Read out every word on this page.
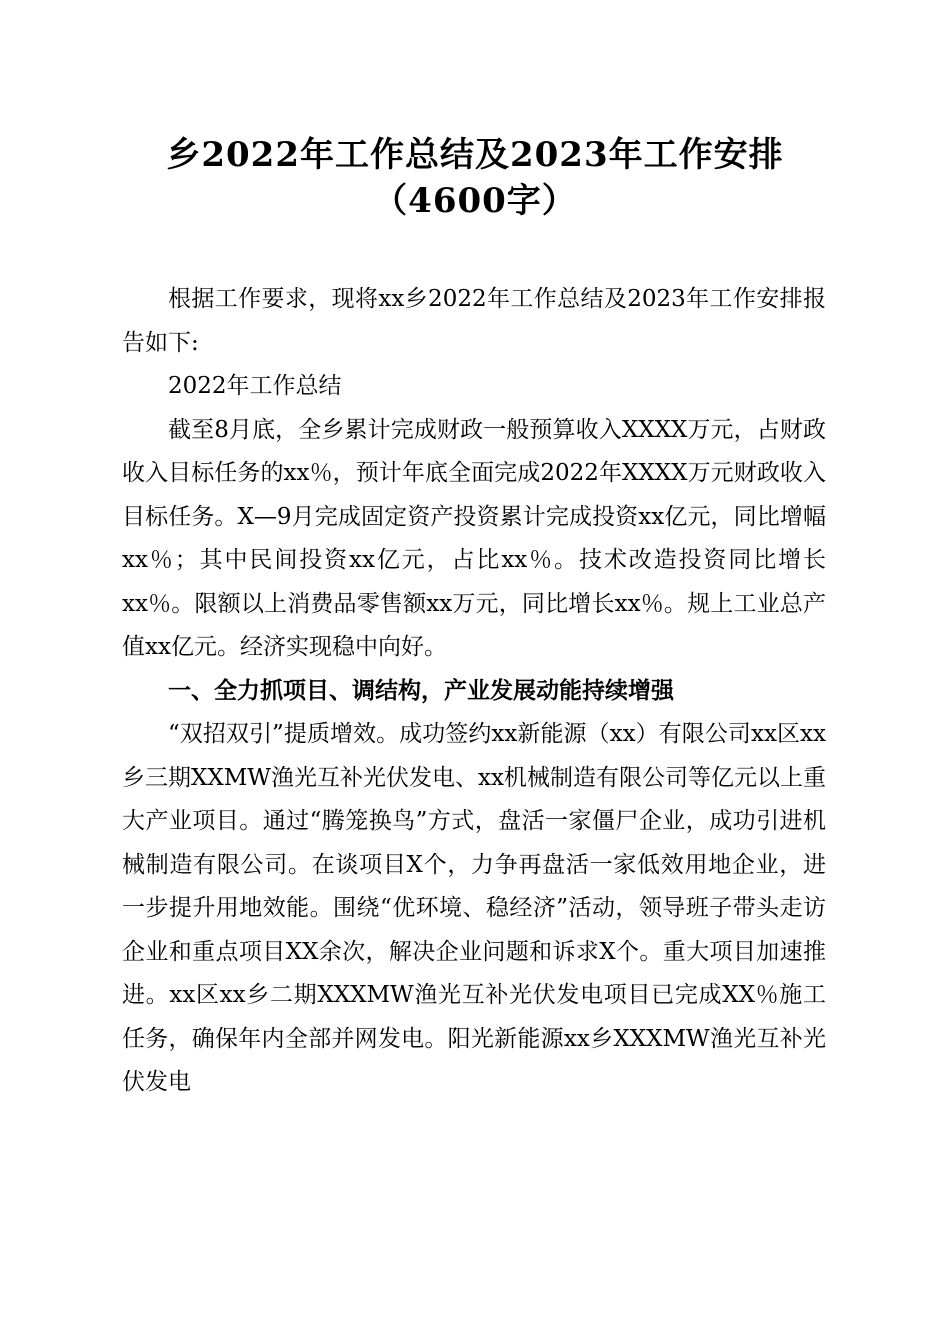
乡2022年工作总结及2023年工作安排（4600字）

根据工作要求，现将xx乡2022年工作总结及2023年工作安排报告如下:

2022年工作总结

截至8月底，全乡累计完成财政一般预算收入XXXX万元，占财政收入目标任务的xx％，预计年底全面完成2022年XXXX万元财政收入目标任务。X—9月完成固定资产投资累计完成投资xx亿元，同比增幅xx％；其中民间投资xx亿元，占比xx％。技术改造投资同比增长xx％。限额以上消费品零售额xx万元，同比增长xx％。规上工业总产值xx亿元。经济实现稳中向好。

一、全力抓项目、调结构，产业发展动能持续增强

“双招双引”提质增效。成功签约xx新能源（xx）有限公司xx区xx乡三期XXMW渔光互补光伏发电、xx机械制造有限公司等亿元以上重大产业项目。通过“腾笼换鸟”方式，盘活一家僵尸企业，成功引进机械制造有限公司。在谈项目X个，力争再盘活一家低效用地企业，进一步提升用地效能。围绕“优环境、稳经济”活动，领导班子带头走访企业和重点项目XX余次，解决企业问题和诉求X个。重大项目加速推进。xx区xx乡二期XXXMW渔光互补光伏发电项目已完成XX％施工任务，确保年内全部并网发电。阳光新能源xx乡XXXMW渔光互补光伏发电
